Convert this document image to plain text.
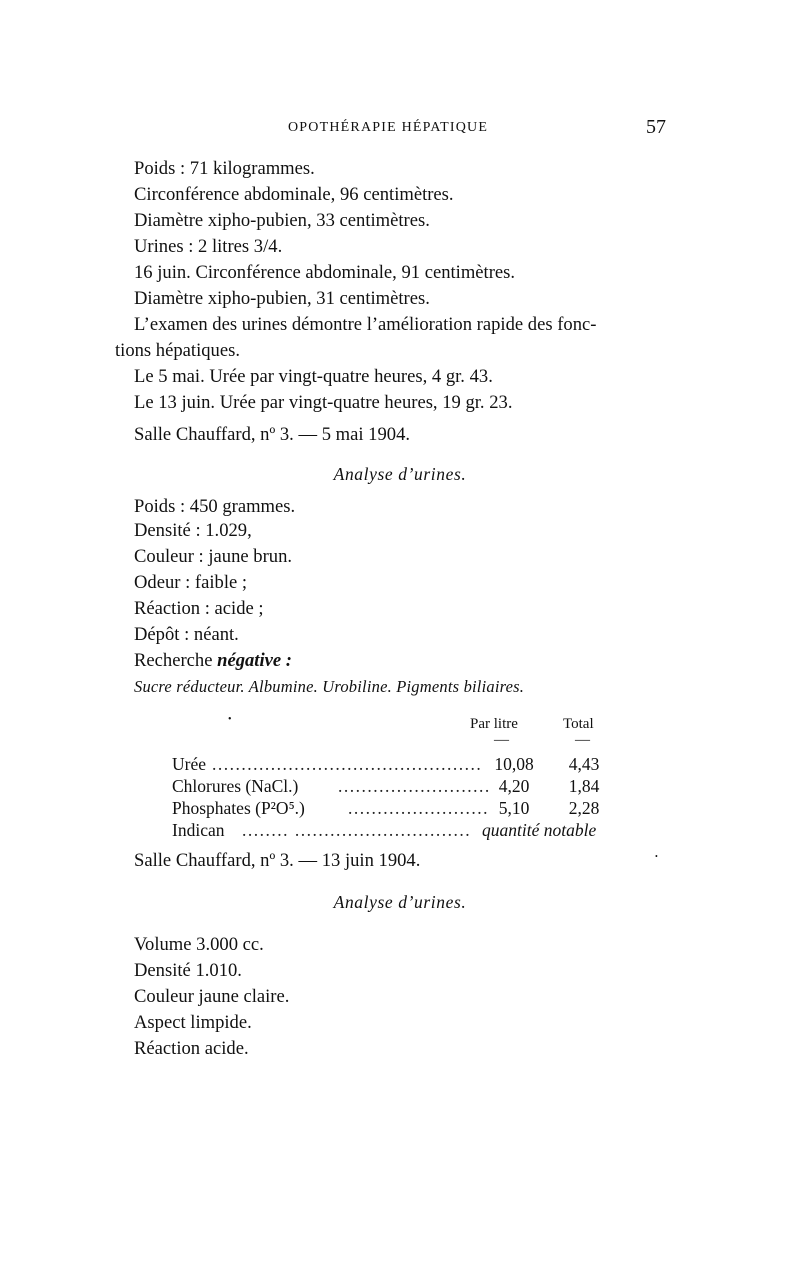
OPOTHÉRAPIE HÉPATIQUE	57
Poids : 71 kilogrammes.
Circonférence abdominale, 96 centimètres.
Diamètre xipho-pubien, 33 centimètres.
Urines : 2 litres 3/4.
16 juin. Circonférence abdominale, 91 centimètres.
Diamètre xipho-pubien, 31 centimètres.
L’examen des urines démontre l’amélioration rapide des fonc-
tions hépatiques.
Le 5 mai. Urée par vingt-quatre heures, 4 gr. 43.
Le 13 juin. Urée par vingt-quatre heures, 19 gr. 23.
Salle Chauffard, nº 3. — 5 mai 1904.
Analyse d’urines.
Poids : 450 grammes.
Densité : 1.029,
Couleur : jaune brun.
Odeur : faible ;
Réaction : acide ;
Dépôt : néant.
Recherche négative :
Sucre réducteur. Albumine. Urobiline. Pigments biliaires.
•	Par litre	Total
—	—
Urée .............................................. 10,08	4,43
Chlorures (NaCl.) .......................... 4,20	1,84
Phosphates (P²O⁵.) ........................ 5,10	2,28
Indican ........ .............................. quantité notable
Salle Chauffard, nº 3. — 13 juin 1904.	•
Analyse d’urines.
Volume 3.000 cc.
Densité 1.010.
Couleur jaune claire.
Aspect limpide.
Réaction acide.
